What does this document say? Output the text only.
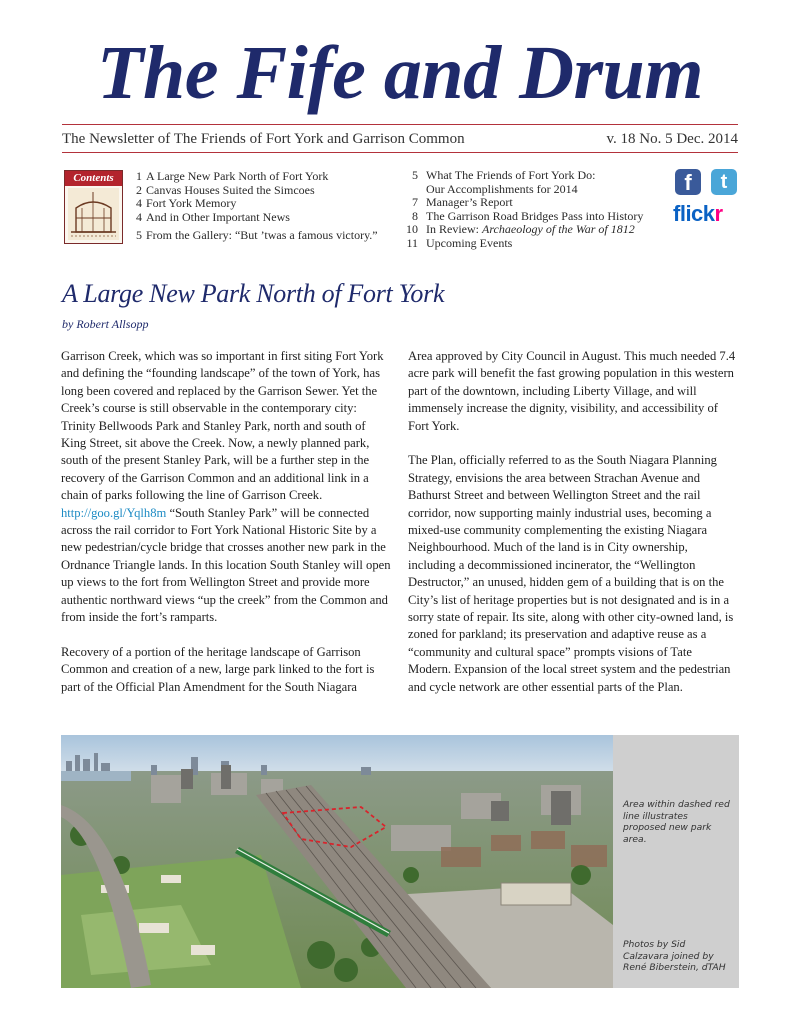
The Fife and Drum
The Newsletter of The Friends of Fort York and Garrison Common	v. 18 No. 5 Dec. 2014
Contents	1 A Large New Park North of Fort York
2 Canvas Houses Suited the Simcoes
4 Fort York Memory
4 And in Other Important News
5 From the Gallery: “But ’twas a famous victory.”
5 What The Friends of Fort York Do:
Our Accomplishments for 2014
7 Manager’s Report
8 The Garrison Road Bridges Pass into History
10 In Review: Archaeology of the War of 1812
11 Upcoming Events
f	t
flickr
A Large New Park North of Fort York
by Robert Allsopp

Garrison Creek, which was so important in first siting Fort York and defining the “founding landscape” of the town of York, has long been covered and replaced by the Garrison Sewer. Yet the Creek’s course is still observable in the contemporary city: Trinity Bellwoods Park and Stanley Park, north and south of King Street, sit above the Creek. Now, a newly planned park, south of the present Stanley Park, will be a further step in the recovery of the Garrison Common and an additional link in a chain of parks following the line of Garrison Creek. http://goo.gl/Yqlh8m “South Stanley Park” will be connected across the rail corridor to Fort York National Historic Site by a new pedestrian/cycle bridge that crosses another new park in the Ordnance Triangle lands. In this location South Stanley will open up views to the fort from Wellington Street and provide more authentic northward views “up the creek” from the Common and from inside the fort’s ramparts.

Recovery of a portion of the heritage landscape of Garrison Common and creation of a new, large park linked to the fort is part of the Official Plan Amendment for the South Niagara

Area approved by City Council in August. This much needed 7.4 acre park will benefit the fast growing population in this western part of the downtown, including Liberty Village, and will immensely increase the dignity, visibility, and accessibility of Fort York.

The Plan, officially referred to as the South Niagara Planning Strategy, envisions the area between Strachan Avenue and Bathurst Street and between Wellington Street and the rail corridor, now supporting mainly industrial uses, becoming a mixed-use community complementing the existing Niagara Neighbourhood. Much of the land is in City ownership, including a decommissioned incinerator, the “Wellington Destructor,” an unused, hidden gem of a building that is on the City’s list of heritage properties but is not designated and is in a sorry state of repair. Its site, along with other city-owned land, is zoned for parkland; its preservation and adaptive reuse as a “community and cultural space” prompts visions of Tate Modern. Expansion of the local street system and the pedestrian and cycle network are other essential parts of the Plan.

Area within dashed red line illustrates proposed new park area.
Photos by Sid Calzavara joined by René Biberstein, dTAH
